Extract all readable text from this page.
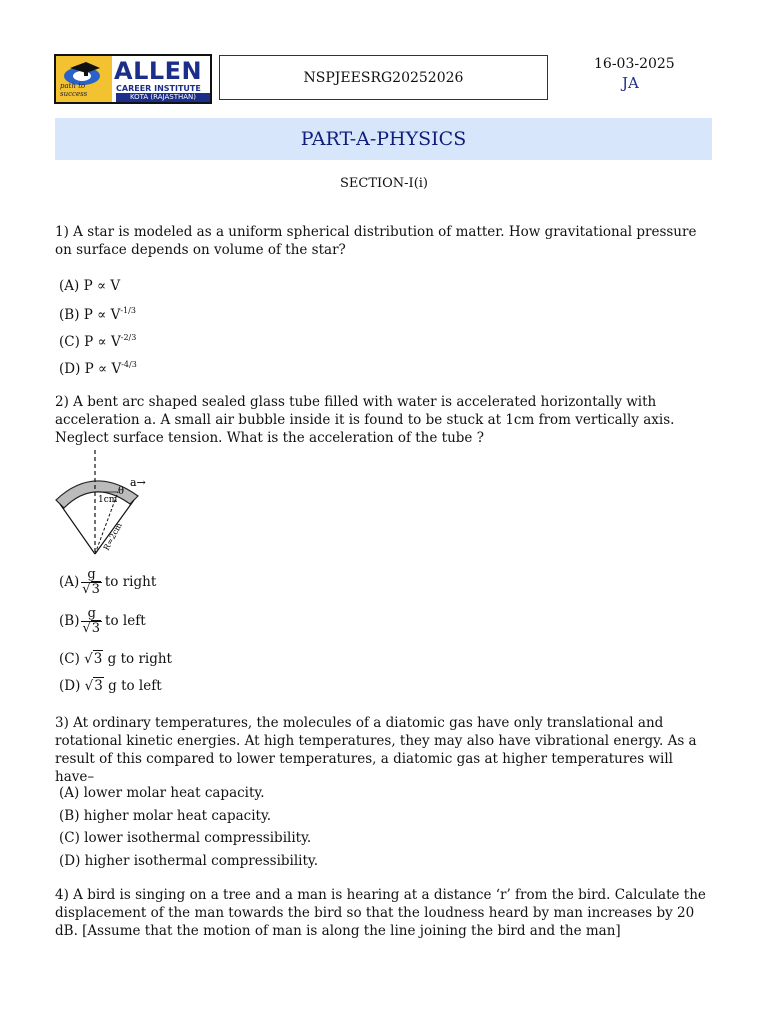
path to success
ALLEN
CAREER INSTITUTE
KOTA (RAJASTHAN)
NSPJEESRG20252026
16-03-2025
JA
PART-A-PHYSICS
SECTION-I(i)
1) A star is modeled as a uniform spherical distribution of matter. How gravitational pressure on surface depends on volume of the star?
(A) P ∝ V
(B) $P \propto V^{-1/3}$
(C) $P \propto V^{-2/3}$
(D) $P \propto V^{-4/3}$
2) A bent arc shaped sealed glass tube filled with water is accelerated horizontally with acceleration a. A small air bubble inside it is found to be stuck at 1cm from vertically axis. Neglect surface tension. What is the acceleration of the tube ?
1cm
θ
a→
R=2cm
$(A) \frac{g}{√3}$ to right
$(B) \frac{g}{√3}$ to left
(C) √3 g to right
(D) √3 g to left
3) At ordinary temperatures, the molecules of a diatomic gas have only translational and rotational kinetic energies. At high temperatures, they may also have vibrational energy. As a result of this compared to lower temperatures, a diatomic gas at higher temperatures will have–
(A) lower molar heat capacity.
(B) higher molar heat capacity.
(C) lower isothermal compressibility.
(D) higher isothermal compressibility.
4) A bird is singing on a tree and a man is hearing at a distance ‘r’ from the bird. Calculate the displacement of the man towards the bird so that the loudness heard by man increases by 20 dB. [Assume that the motion of man is along the line joining the bird and the man]
